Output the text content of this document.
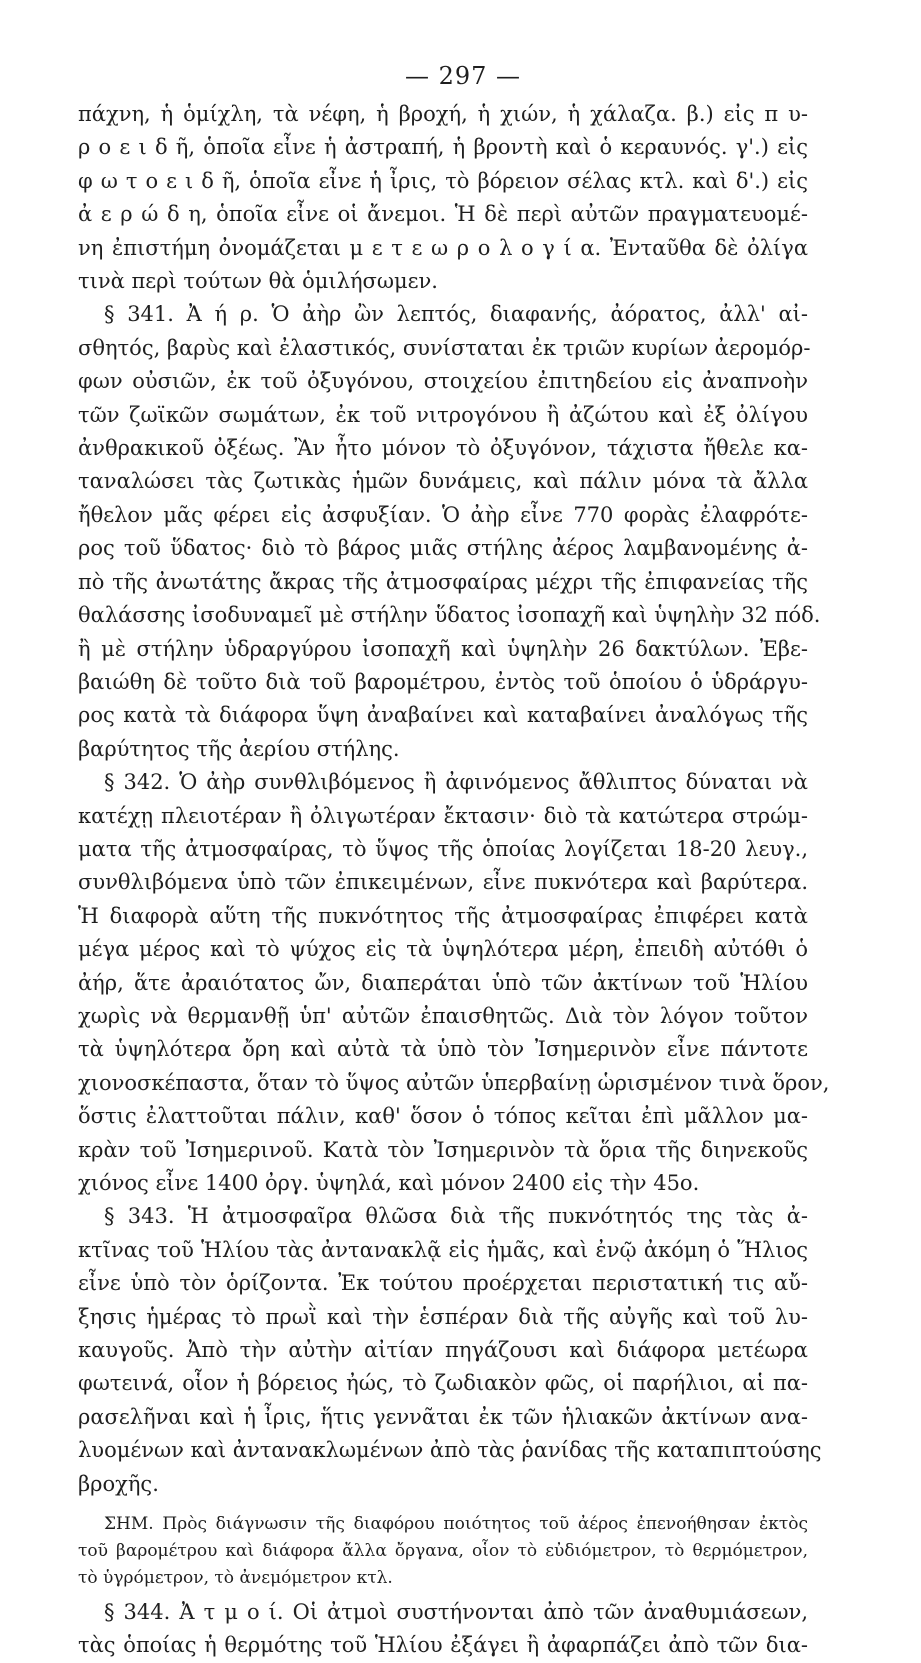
— 297 —
πάχνη, ἡ ὁμίχλη, τὰ νέφη, ἡ βροχή, ἡ χιών, ἡ χάλαζα. β.) εἰς π υ-
ρ ο ε ι δ ῆ, ὁποῖα εἶνε ἡ ἀστραπή, ἡ βροντὴ καὶ ὁ κεραυνός. γ'.) εἰς
φ ω τ ο ε ι δ ῆ, ὁποῖα εἶνε ἡ ἶρις, τὸ βόρειον σέλας κτλ. καὶ δ'.) εἰς
ἀ ε ρ ώ δ η, ὁποῖα εἶνε οἱ ἄνεμοι. Ἡ δὲ περὶ αὐτῶν πραγματευομέ-
νη ἐπιστήμη ὀνομάζεται μ ε τ ε ω ρ ο λ ο γ ί α. Ἐνταῦθα δὲ ὀλίγα
τινὰ περὶ τούτων θὰ ὁμιλήσωμεν.
§ 341. Ἀ ή ρ. Ὁ ἀὴρ ὢν λεπτός, διαφανής, ἀόρατος, ἀλλ' αἰ-
σθητός, βαρὺς καὶ ἐλαστικός, συνίσταται ἐκ τριῶν κυρίων ἀερομόρ-
φων οὐσιῶν, ἐκ τοῦ ὀξυγόνου, στοιχείου ἐπιτηδείου εἰς ἀναπνοὴν
τῶν ζωϊκῶν σωμάτων, ἐκ τοῦ νιτρογόνου ἢ ἀζώτου καὶ ἐξ ὀλίγου
ἀνθρακικοῦ ὀξέως. Ἂν ἦτο μόνον τὸ ὀξυγόνον, τάχιστα ἤθελε κα-
ταναλώσει τὰς ζωτικὰς ἡμῶν δυνάμεις, καὶ πάλιν μόνα τὰ ἄλλα
ἤθελον μᾶς φέρει εἰς ἀσφυξίαν. Ὁ ἀὴρ εἶνε 770 φορὰς ἐλαφρότε-
ρος τοῦ ὕδατος· διὸ τὸ βάρος μιᾶς στήλης ἀέρος λαμβανομένης ἀ-
πὸ τῆς ἀνωτάτης ἄκρας τῆς ἀτμοσφαίρας μέχρι τῆς ἐπιφανείας τῆς
θαλάσσης ἰσοδυναμεῖ μὲ στήλην ὕδατος ἰσοπαχῆ καὶ ὑψηλὴν 32 πόδ.
ἢ μὲ στήλην ὑδραργύρου ἰσοπαχῆ καὶ ὑψηλὴν 26 δακτύλων. Ἐβε-
βαιώθη δὲ τοῦτο διὰ τοῦ βαρομέτρου, ἐντὸς τοῦ ὁποίου ὁ ὑδράργυ-
ρος κατὰ τὰ διάφορα ὕψη ἀναβαίνει καὶ καταβαίνει ἀναλόγως τῆς
βαρύτητος τῆς ἀερίου στήλης.
§ 342. Ὁ ἀὴρ συνθλιβόμενος ἢ ἀφινόμενος ἄθλιπτος δύναται νὰ
κατέχῃ πλειοτέραν ἢ ὀλιγωτέραν ἔκτασιν· διὸ τὰ κατώτερα στρώμ-
ματα τῆς ἀτμοσφαίρας, τὸ ὕψος τῆς ὁποίας λογίζεται 18-20 λευγ.,
συνθλιβόμενα ὑπὸ τῶν ἐπικειμένων, εἶνε πυκνότερα καὶ βαρύτερα.
Ἡ διαφορὰ αὕτη τῆς πυκνότητος τῆς ἀτμοσφαίρας ἐπιφέρει κατὰ
μέγα μέρος καὶ τὸ ψύχος εἰς τὰ ὑψηλότερα μέρη, ἐπειδὴ αὐτόθι ὁ
ἀήρ, ἅτε ἀραιότατος ὤν, διαπεράται ὑπὸ τῶν ἀκτίνων τοῦ Ἡλίου
χωρὶς νὰ θερμανθῇ ὑπ' αὐτῶν ἐπαισθητῶς. Διὰ τὸν λόγον τοῦτον
τὰ ὑψηλότερα ὄρη καὶ αὐτὰ τὰ ὑπὸ τὸν Ἰσημερινὸν εἶνε πάντοτε
χιονοσκέπαστα, ὅταν τὸ ὕψος αὐτῶν ὑπερβαίνῃ ὡρισμένον τινὰ ὅρον,
ὅστις ἐλαττοῦται πάλιν, καθ' ὅσον ὁ τόπος κεῖται ἐπὶ μᾶλλον μα-
κρὰν τοῦ Ἰσημερινοῦ. Κατὰ τὸν Ἰσημερινὸν τὰ ὅρια τῆς διηνεκοῦς
χιόνος εἶνε 1400 ὀργ. ὑψηλά, καὶ μόνον 2400 εἰς τὴν 45ο.
§ 343. Ἡ ἀτμοσφαῖρα θλῶσα διὰ τῆς πυκνότητός της τὰς ἀ-
κτῖνας τοῦ Ἡλίου τὰς ἀντανακλᾷ εἰς ἡμᾶς, καὶ ἐνῷ ἀκόμη ὁ Ἥλιος
εἶνε ὑπὸ τὸν ὁρίζοντα. Ἐκ τούτου προέρχεται περιστατική τις αὔ-
ξησις ἡμέρας τὸ πρωῒ καὶ τὴν ἑσπέραν διὰ τῆς αὐγῆς καὶ τοῦ λυ-
καυγοῦς. Ἀπὸ τὴν αὐτὴν αἰτίαν πηγάζουσι καὶ διάφορα μετέωρα
φωτεινά, οἷον ἡ βόρειος ἠώς, τὸ ζωδιακὸν φῶς, οἱ παρήλιοι, αἱ πα-
ρασελῆναι καὶ ἡ ἶρις, ἥτις γεννᾶται ἐκ τῶν ἡλιακῶν ἀκτίνων ανα-
λυομένων καὶ ἀντανακλωμένων ἀπὸ τὰς ῥανίδας τῆς καταπιπτούσης
βροχῆς.
ΣΗΜ. Πρὸς διάγνωσιν τῆς διαφόρου ποιότητος τοῦ ἀέρος ἐπενοήθησαν ἐκτὸς
τοῦ βαρομέτρου καὶ διάφορα ἄλλα ὄργανα, οἷον τὸ εὐδιόμετρον, τὸ θερμόμετρον,
τὸ ὑγρόμετρον, τὸ ἀνεμόμετρον κτλ.
§ 344. Ἀ τ μ ο ί. Οἱ ἀτμοὶ συστήνονται ἀπὸ τῶν ἀναθυμιάσεων,
τὰς ὁποίας ἡ θερμότης τοῦ Ἡλίου ἐξάγει ἢ ἀφαρπάζει ἀπὸ τῶν δια-
